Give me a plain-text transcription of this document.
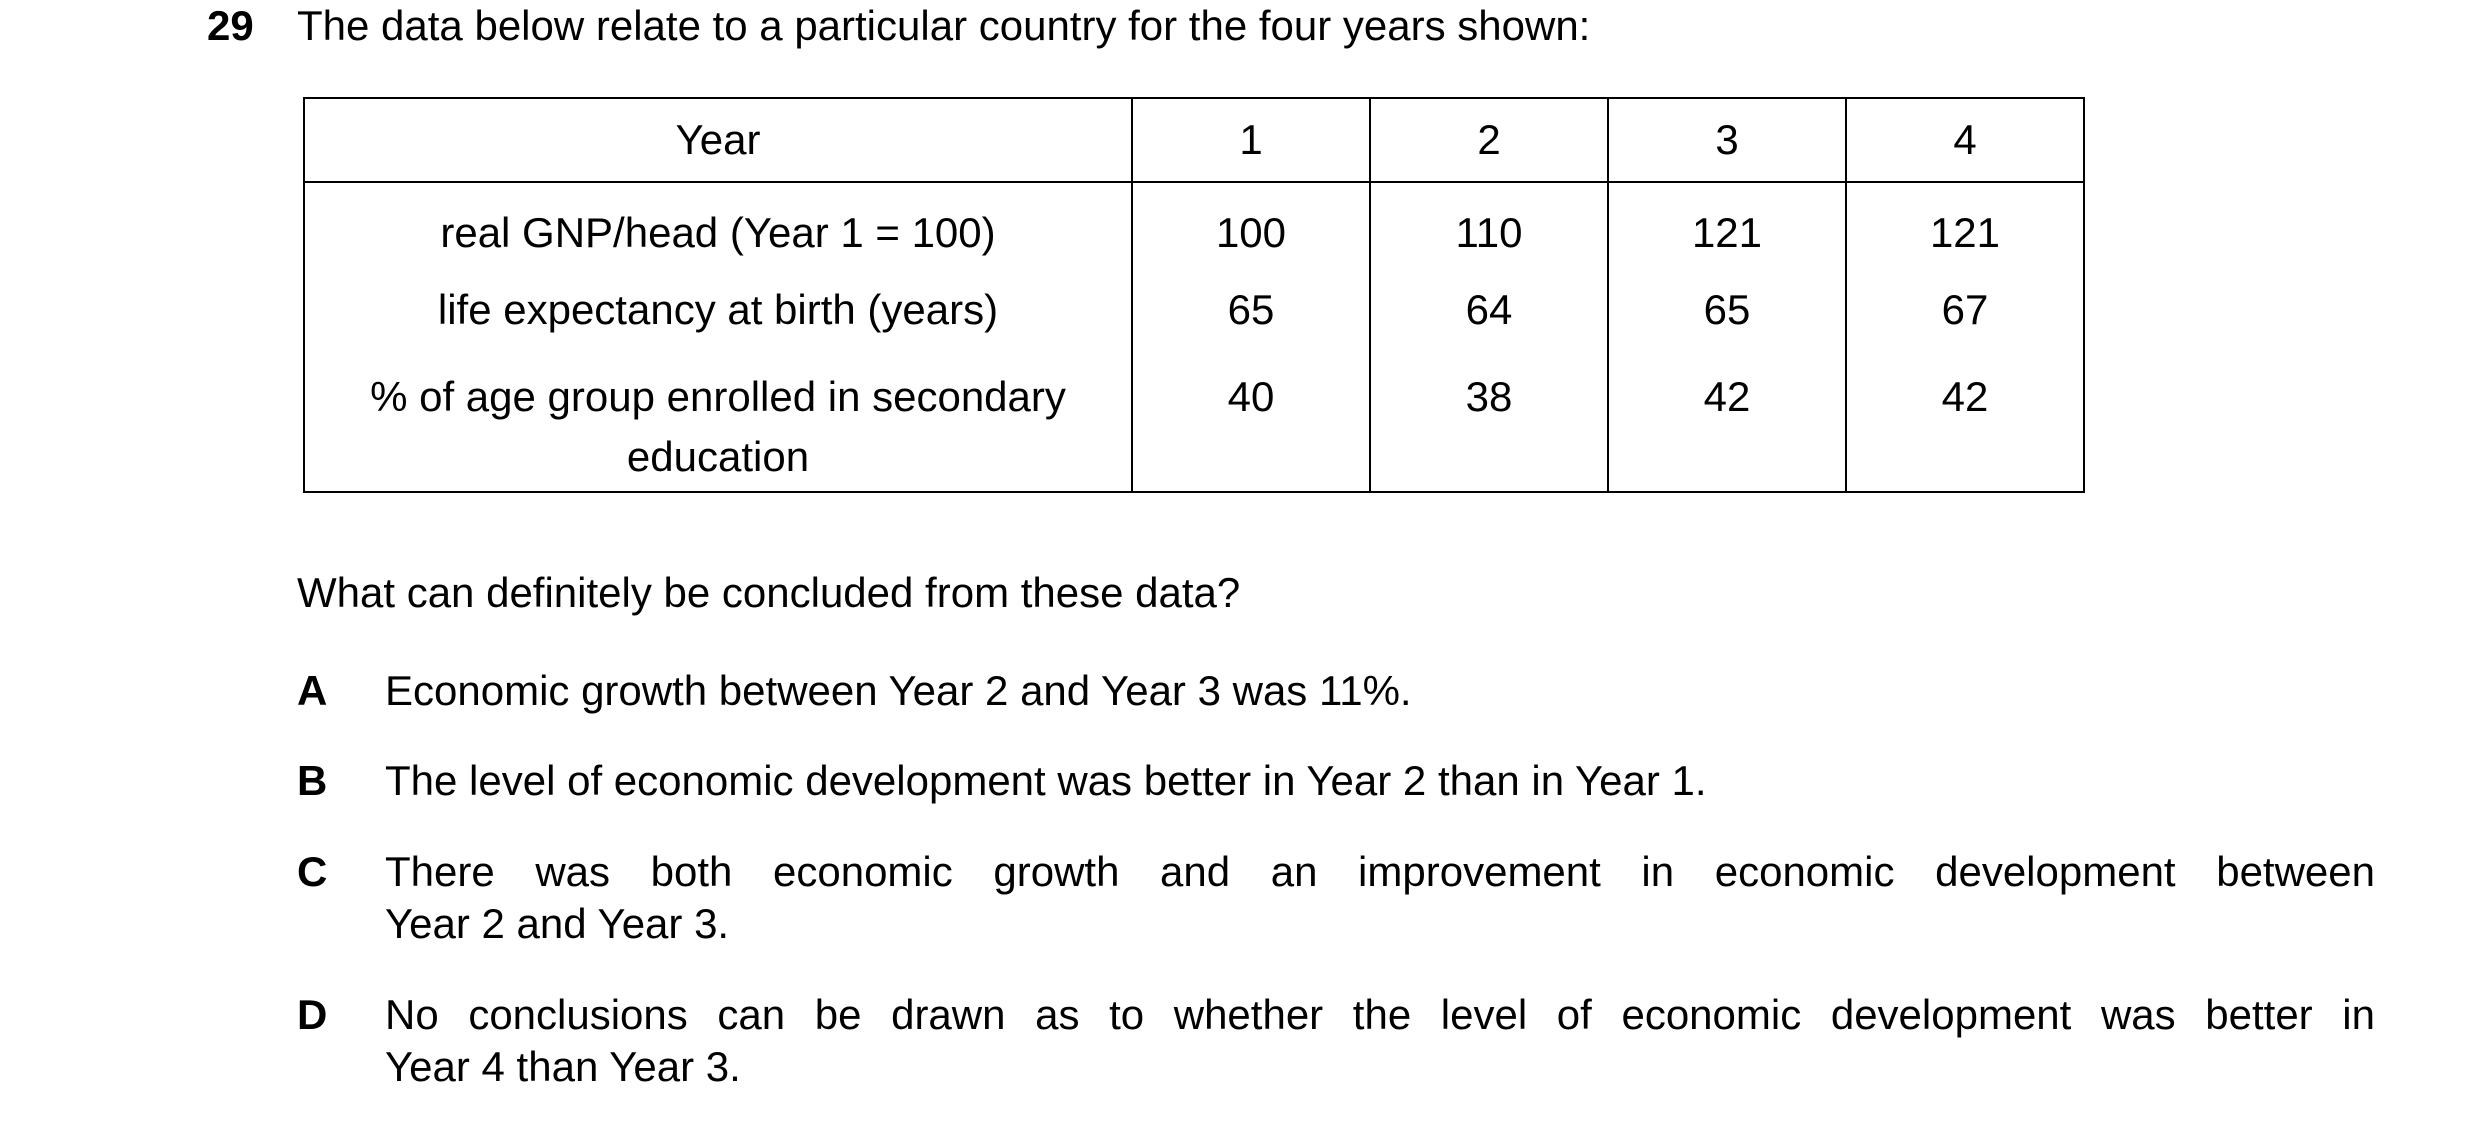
29 The data below relate to a particular country for the four years shown:
Year	1	2	3	4
real GNP/head (Year 1 = 100)	100	110	121	121
life expectancy at birth (years)	65	64	65	67
% of age group enrolled in secondary
education	40	38	42	42
What can definitely be concluded from these data?
A Economic growth between Year 2 and Year 3 was 11%.
B The level of economic development was better in Year 2 than in Year 1.
C There was both economic growth and an improvement in economic development between
Year 2 and Year 3.
D No conclusions can be drawn as to whether the level of economic development was better in
Year 4 than Year 3.
